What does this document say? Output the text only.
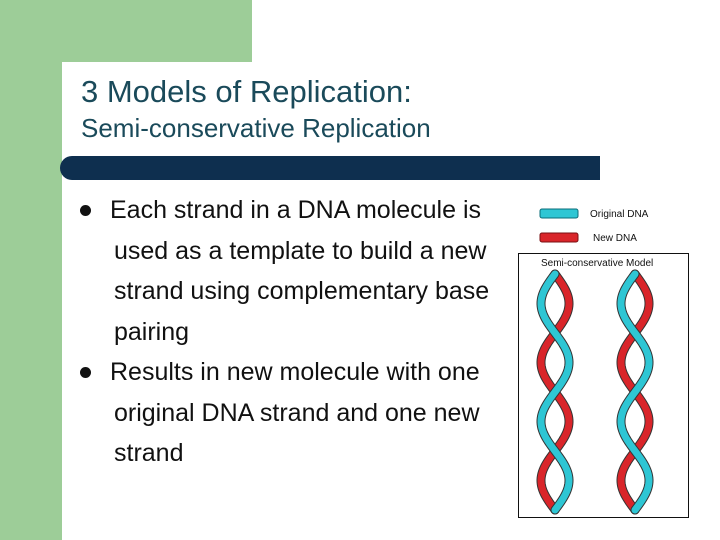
3 Models of Replication:
Semi-conservative Replication
Each strand in a DNA molecule is used as a template to build a new strand using complementary base pairing
Results in new molecule with one original DNA strand and one new strand
Original DNA
New DNA
Semi-conservative Model
